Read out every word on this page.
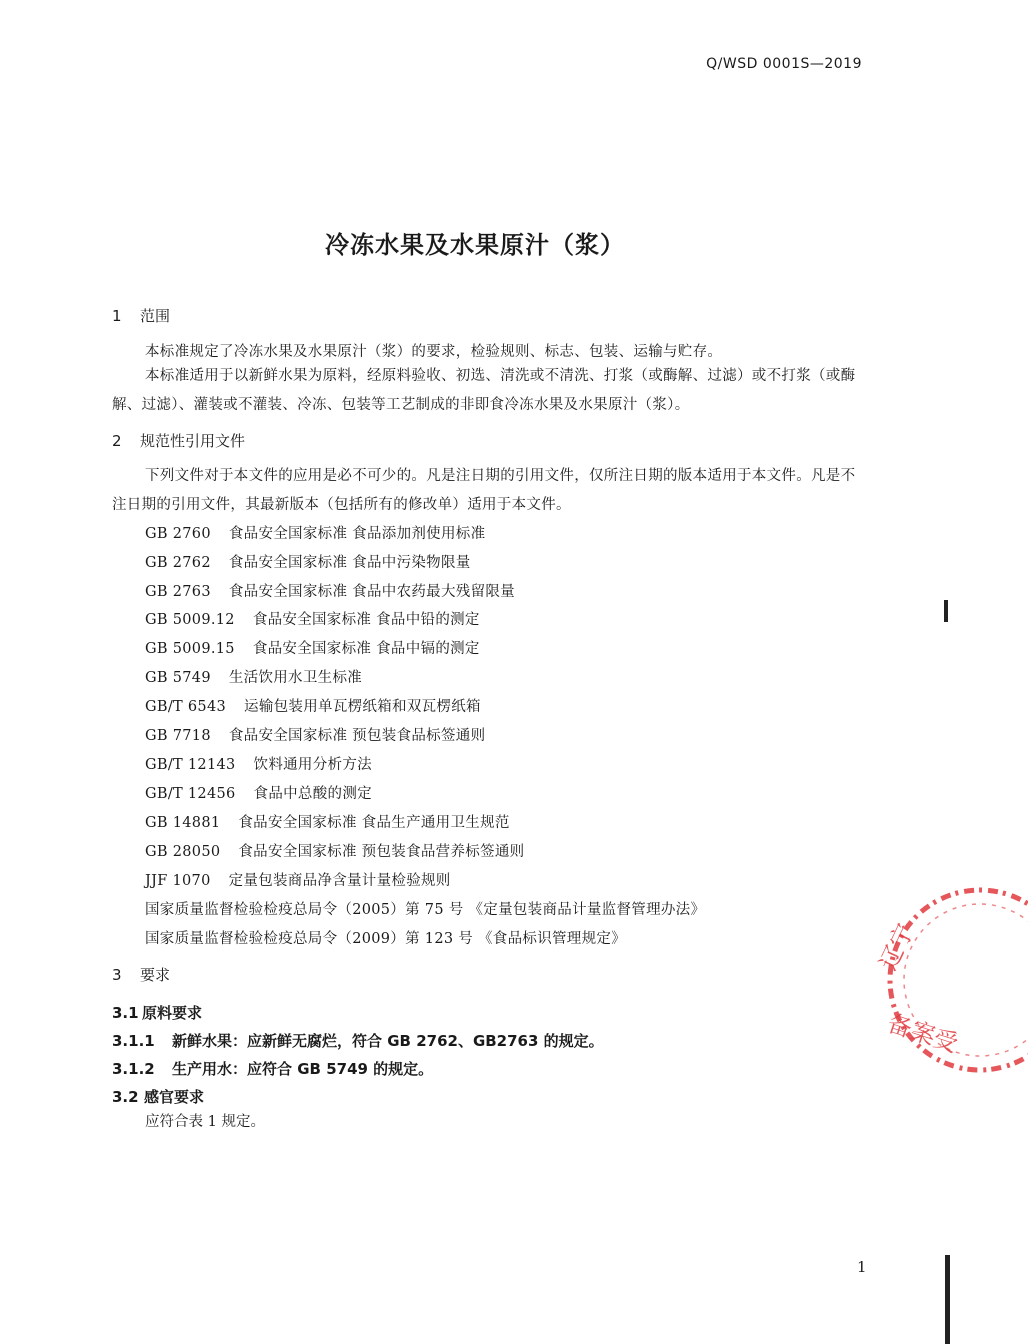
Q/WSD 0001S—2019
冷冻水果及水果原汁（浆）
1 范围
本标准规定了冷冻水果及水果原汁（浆）的要求，检验规则、标志、包装、运输与贮存。
本标准适用于以新鲜水果为原料，经原料验收、初选、清洗或不清洗、打浆（或酶解、过滤）或不打浆（或酶解、过滤）、灌装或不灌装、冷冻、包装等工艺制成的非即食冷冻水果及水果原汁（浆）。
2 规范性引用文件
下列文件对于本文件的应用是必不可少的。凡是注日期的引用文件，仅所注日期的版本适用于本文件。凡是不注日期的引用文件，其最新版本（包括所有的修改单）适用于本文件。
GB 2760 食品安全国家标准 食品添加剂使用标准
GB 2762 食品安全国家标准 食品中污染物限量
GB 2763 食品安全国家标准 食品中农药最大残留限量
GB 5009.12 食品安全国家标准 食品中铅的测定
GB 5009.15 食品安全国家标准 食品中镉的测定
GB 5749 生活饮用水卫生标准
GB/T 6543 运输包装用单瓦楞纸箱和双瓦楞纸箱
GB 7718 食品安全国家标准 预包装食品标签通则
GB/T 12143 饮料通用分析方法
GB/T 12456 食品中总酸的测定
GB 14881 食品安全国家标准 食品生产通用卫生规范
GB 28050 食品安全国家标准 预包装食品营养标签通则
JJF 1070 定量包装商品净含量计量检验规则
国家质量监督检验检疫总局令（2005）第 75 号 《定量包装商品计量监督管理办法》
国家质量监督检验检疫总局令（2009）第 123 号 《食品标识管理规定》
3 要求
3.1 原料要求
3.1.1 新鲜水果：应新鲜无腐烂，符合 GB 2762、GB2763 的规定。
3.1.2 生产用水：应符合 GB 5749 的规定。
3.2 感官要求
应符合表 1 规定。
辽宁
备案受
1
